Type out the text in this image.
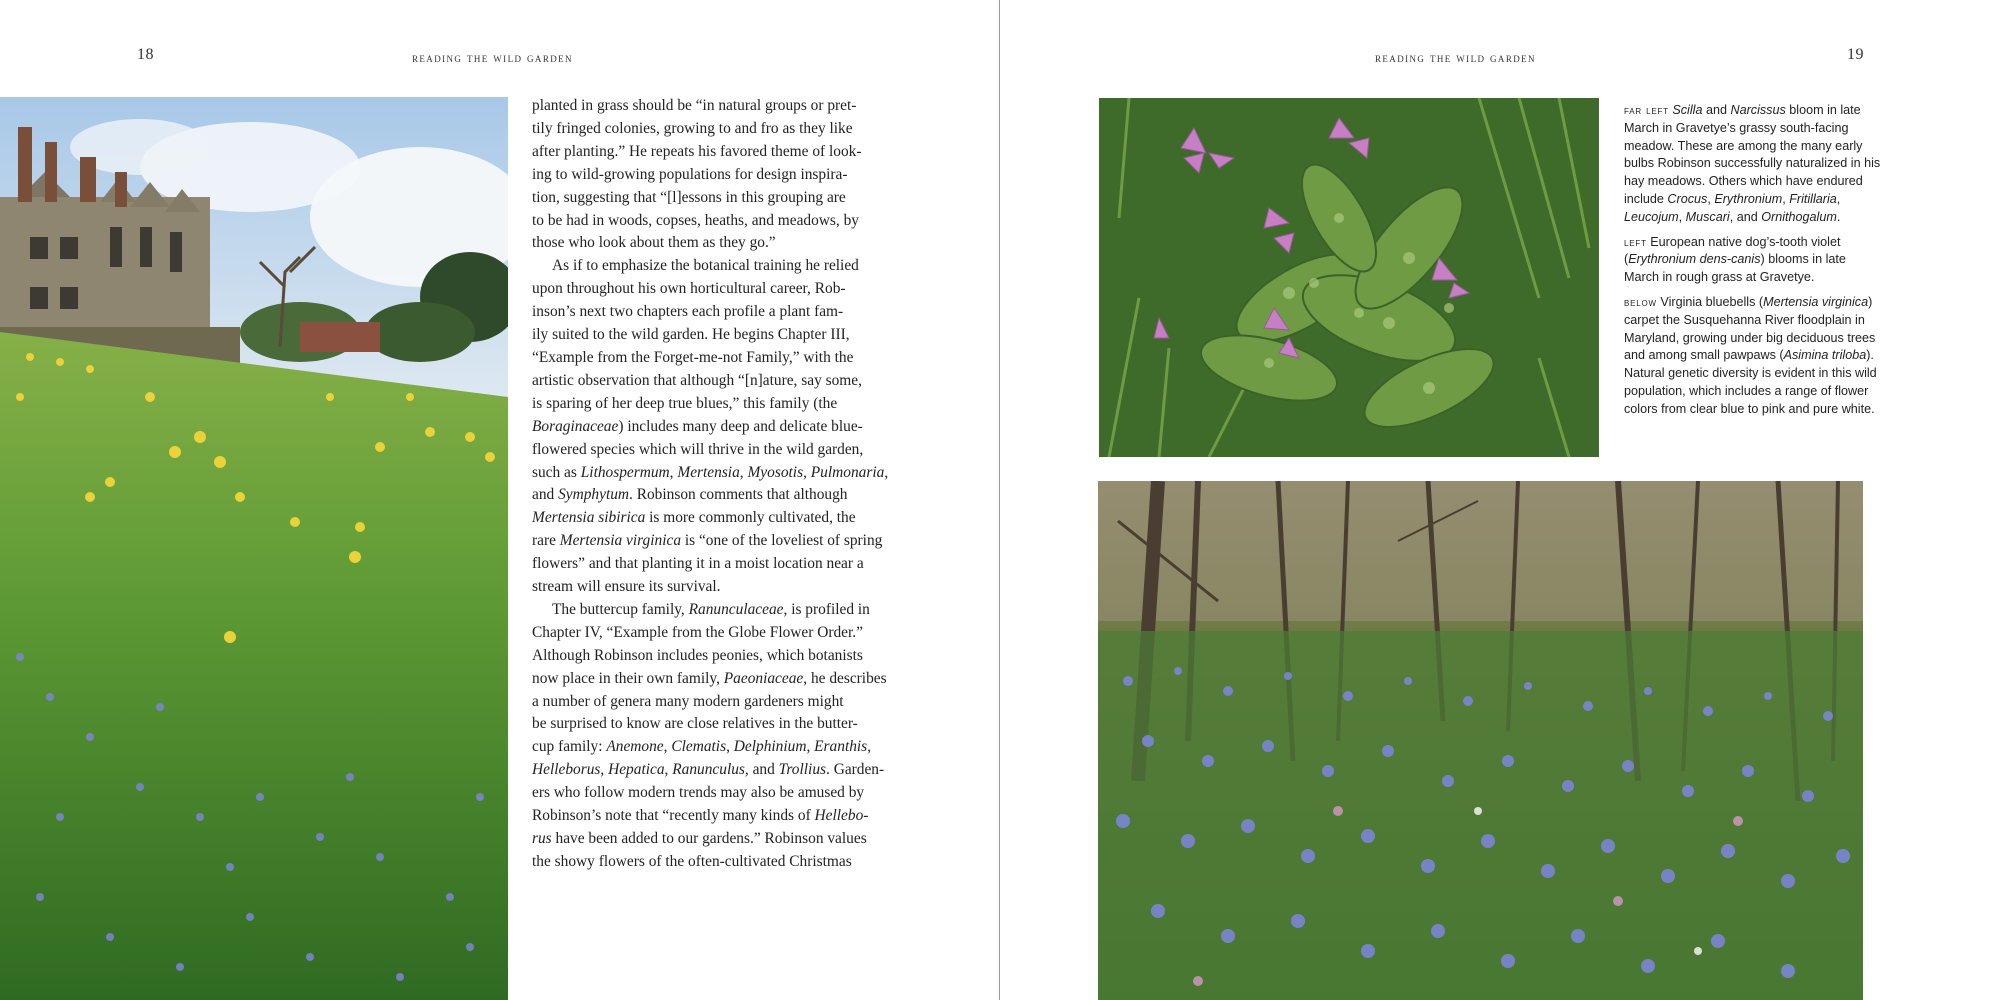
18	reading the wild garden

planted in grass should be “in natural groups or pret-
tily fringed colonies, growing to and fro as they like
after planting.” He repeats his favored theme of look-
ing to wild-growing populations for design inspira-
tion, suggesting that “[l]essons in this grouping are
to be had in woods, copses, heaths, and meadows, by
those who look about them as they go.”

As if to emphasize the botanical training he relied
upon throughout his own horticultural career, Rob-
inson’s next two chapters each profile a plant fam-
ily suited to the wild garden. He begins Chapter III,
“Example from the Forget-me-not Family,” with the
artistic observation that although “[n]ature, say some,
is sparing of her deep true blues,” this family (the
Boraginaceae) includes many deep and delicate blue-
flowered species which will thrive in the wild garden,
such as Lithospermum, Mertensia, Myosotis, Pulmonaria,
and Symphytum. Robinson comments that although
Mertensia sibirica is more commonly cultivated, the
rare Mertensia virginica is “one of the loveliest of spring
flowers” and that planting it in a moist location near a
stream will ensure its survival.

The buttercup family, Ranunculaceae, is profiled in
Chapter IV, “Example from the Globe Flower Order.”
Although Robinson includes peonies, which botanists
now place in their own family, Paeoniaceae, he describes
a number of genera many modern gardeners might
be surprised to know are close relatives in the butter-
cup family: Anemone, Clematis, Delphinium, Eranthis,
Helleborus, Hepatica, Ranunculus, and Trollius. Garden-
ers who follow modern trends may also be amused by
Robinson’s note that “recently many kinds of Hellebo-
rus have been added to our gardens.” Robinson values
the showy flowers of the often-cultivated Christmas

reading the wild garden	19

far left Scilla and Narcissus bloom in late March in Gravetye’s grassy south-facing meadow. These are among the many early bulbs Robinson successfully naturalized in his hay meadows. Others which have endured include Crocus, Erythronium, Fritillaria, Leucojum, Muscari, and Ornithogalum.

left European native dog’s-tooth violet (Erythronium dens-canis) blooms in late March in rough grass at Gravetye.

below Virginia bluebells (Mertensia virginica) carpet the Susquehanna River floodplain in Maryland, growing under big deciduous trees and among small pawpaws (Asimina triloba). Natural genetic diversity is evident in this wild population, which includes a range of flower colors from clear blue to pink and pure white.
